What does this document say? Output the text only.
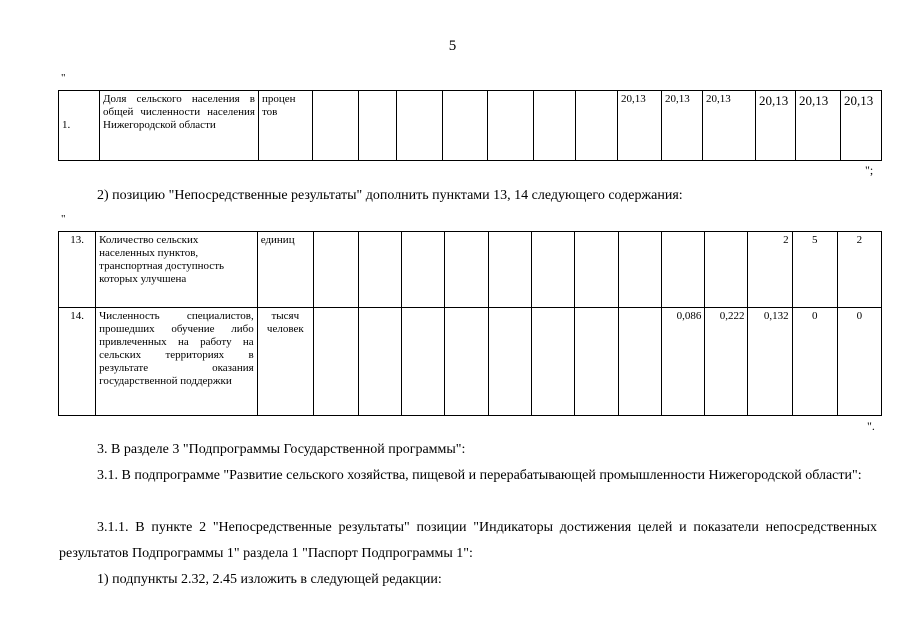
5
"
1.	Доля сельского населения в общей численности населения Нижегородской области	процен тов								20,13	20,13	20,13	20,13	20,13	20,13
";
2) позицию "Непосредственные результаты" дополнить пунктами 13, 14 следующего содержания:
"
13.	Количество сельских населенных пунктов, транспортная доступность которых улучшена	единиц											2	5	2
14.	Численность специалистов, прошедших обучение либо привлеченных на работу на сельских территориях в результате оказания государственной поддержки	тысяч человек									0,086	0,222	0,132	0	0
".
3. В разделе 3 "Подпрограммы Государственной программы":
3.1. В подпрограмме "Развитие сельского хозяйства, пищевой и перерабатывающей промышленности Нижегородской области":
3.1.1. В пункте 2 "Непосредственные результаты" позиции "Индикаторы достижения целей и показатели непосредственных результатов Подпрограммы 1" раздела 1 "Паспорт Подпрограммы 1":
1) подпункты 2.32, 2.45 изложить в следующей редакции:
